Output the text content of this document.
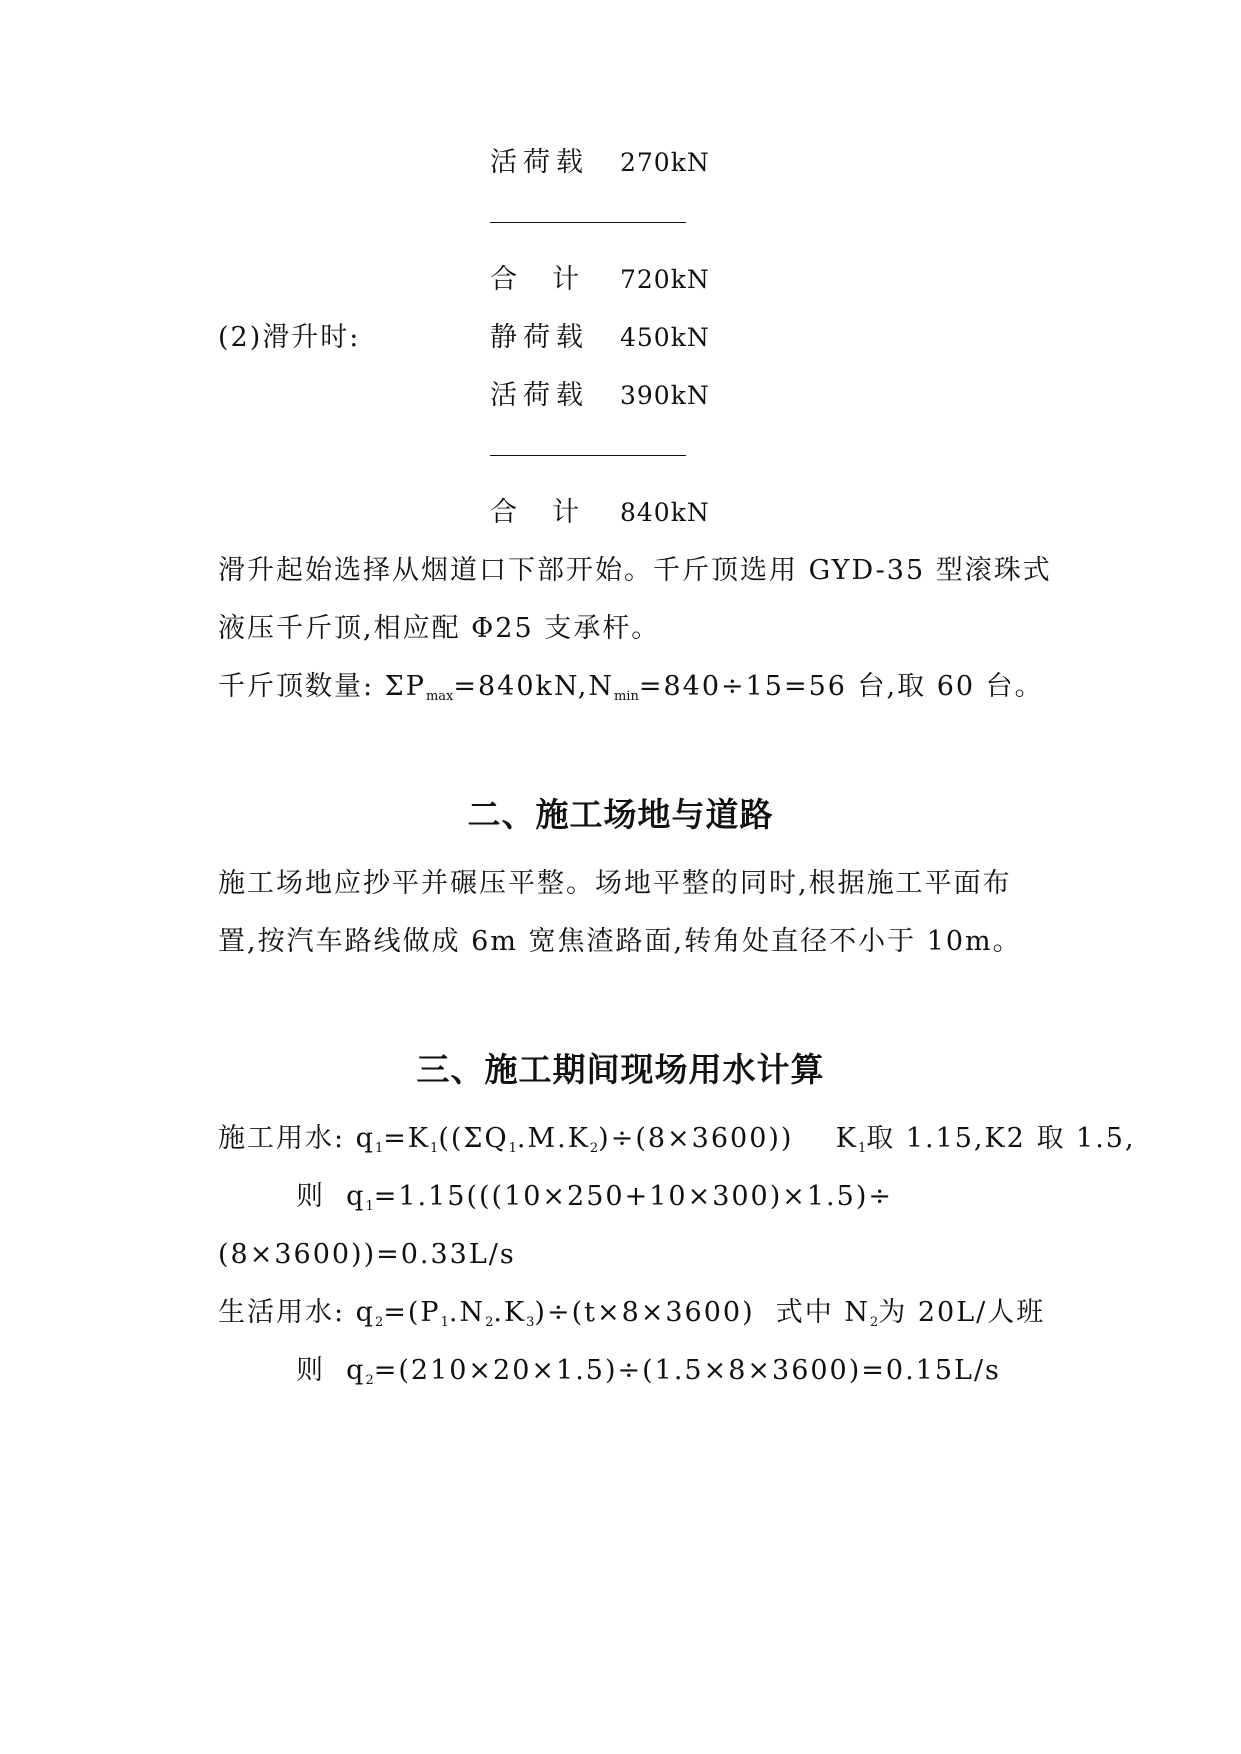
活荷载 270kN
合  计 720kN
(2)滑升时:	静荷载 450kN
活荷载 390kN
合  计 840kN
滑升起始选择从烟道口下部开始。千斤顶选用 GYD-35 型滚珠式
液压千斤顶,相应配 Φ25 支承杆。
千斤顶数量: $\Sigma P_{max}=840kN,N_{min}=840\div 15=56$ 台,取 60 台。
二、施工场地与道路
施工场地应抄平并碾压平整。场地平整的同时,根据施工平面布
置,按汽车路线做成 6m 宽焦渣路面,转角处直径不小于 10m。
三、施工期间现场用水计算
施工用水: $q_1=K_1((\Sigma Q_1.M.K_2)\div(8\times 3600))$    $K_1$取 1.15,K2 取 1.5,
则  $q_1=1.15(((10\times 250+10\times 300)\times 1.5)\div$
(8×3600))=0.33L/s
生活用水: $q_2=(P_1.N_2.K_3)\div(t\times 8\times 3600)$  式中 $N_2$为 20L/人班
则  $q_2=(210\times 20\times 1.5)\div(1.5\times 8\times 3600)=0.15L/s$
